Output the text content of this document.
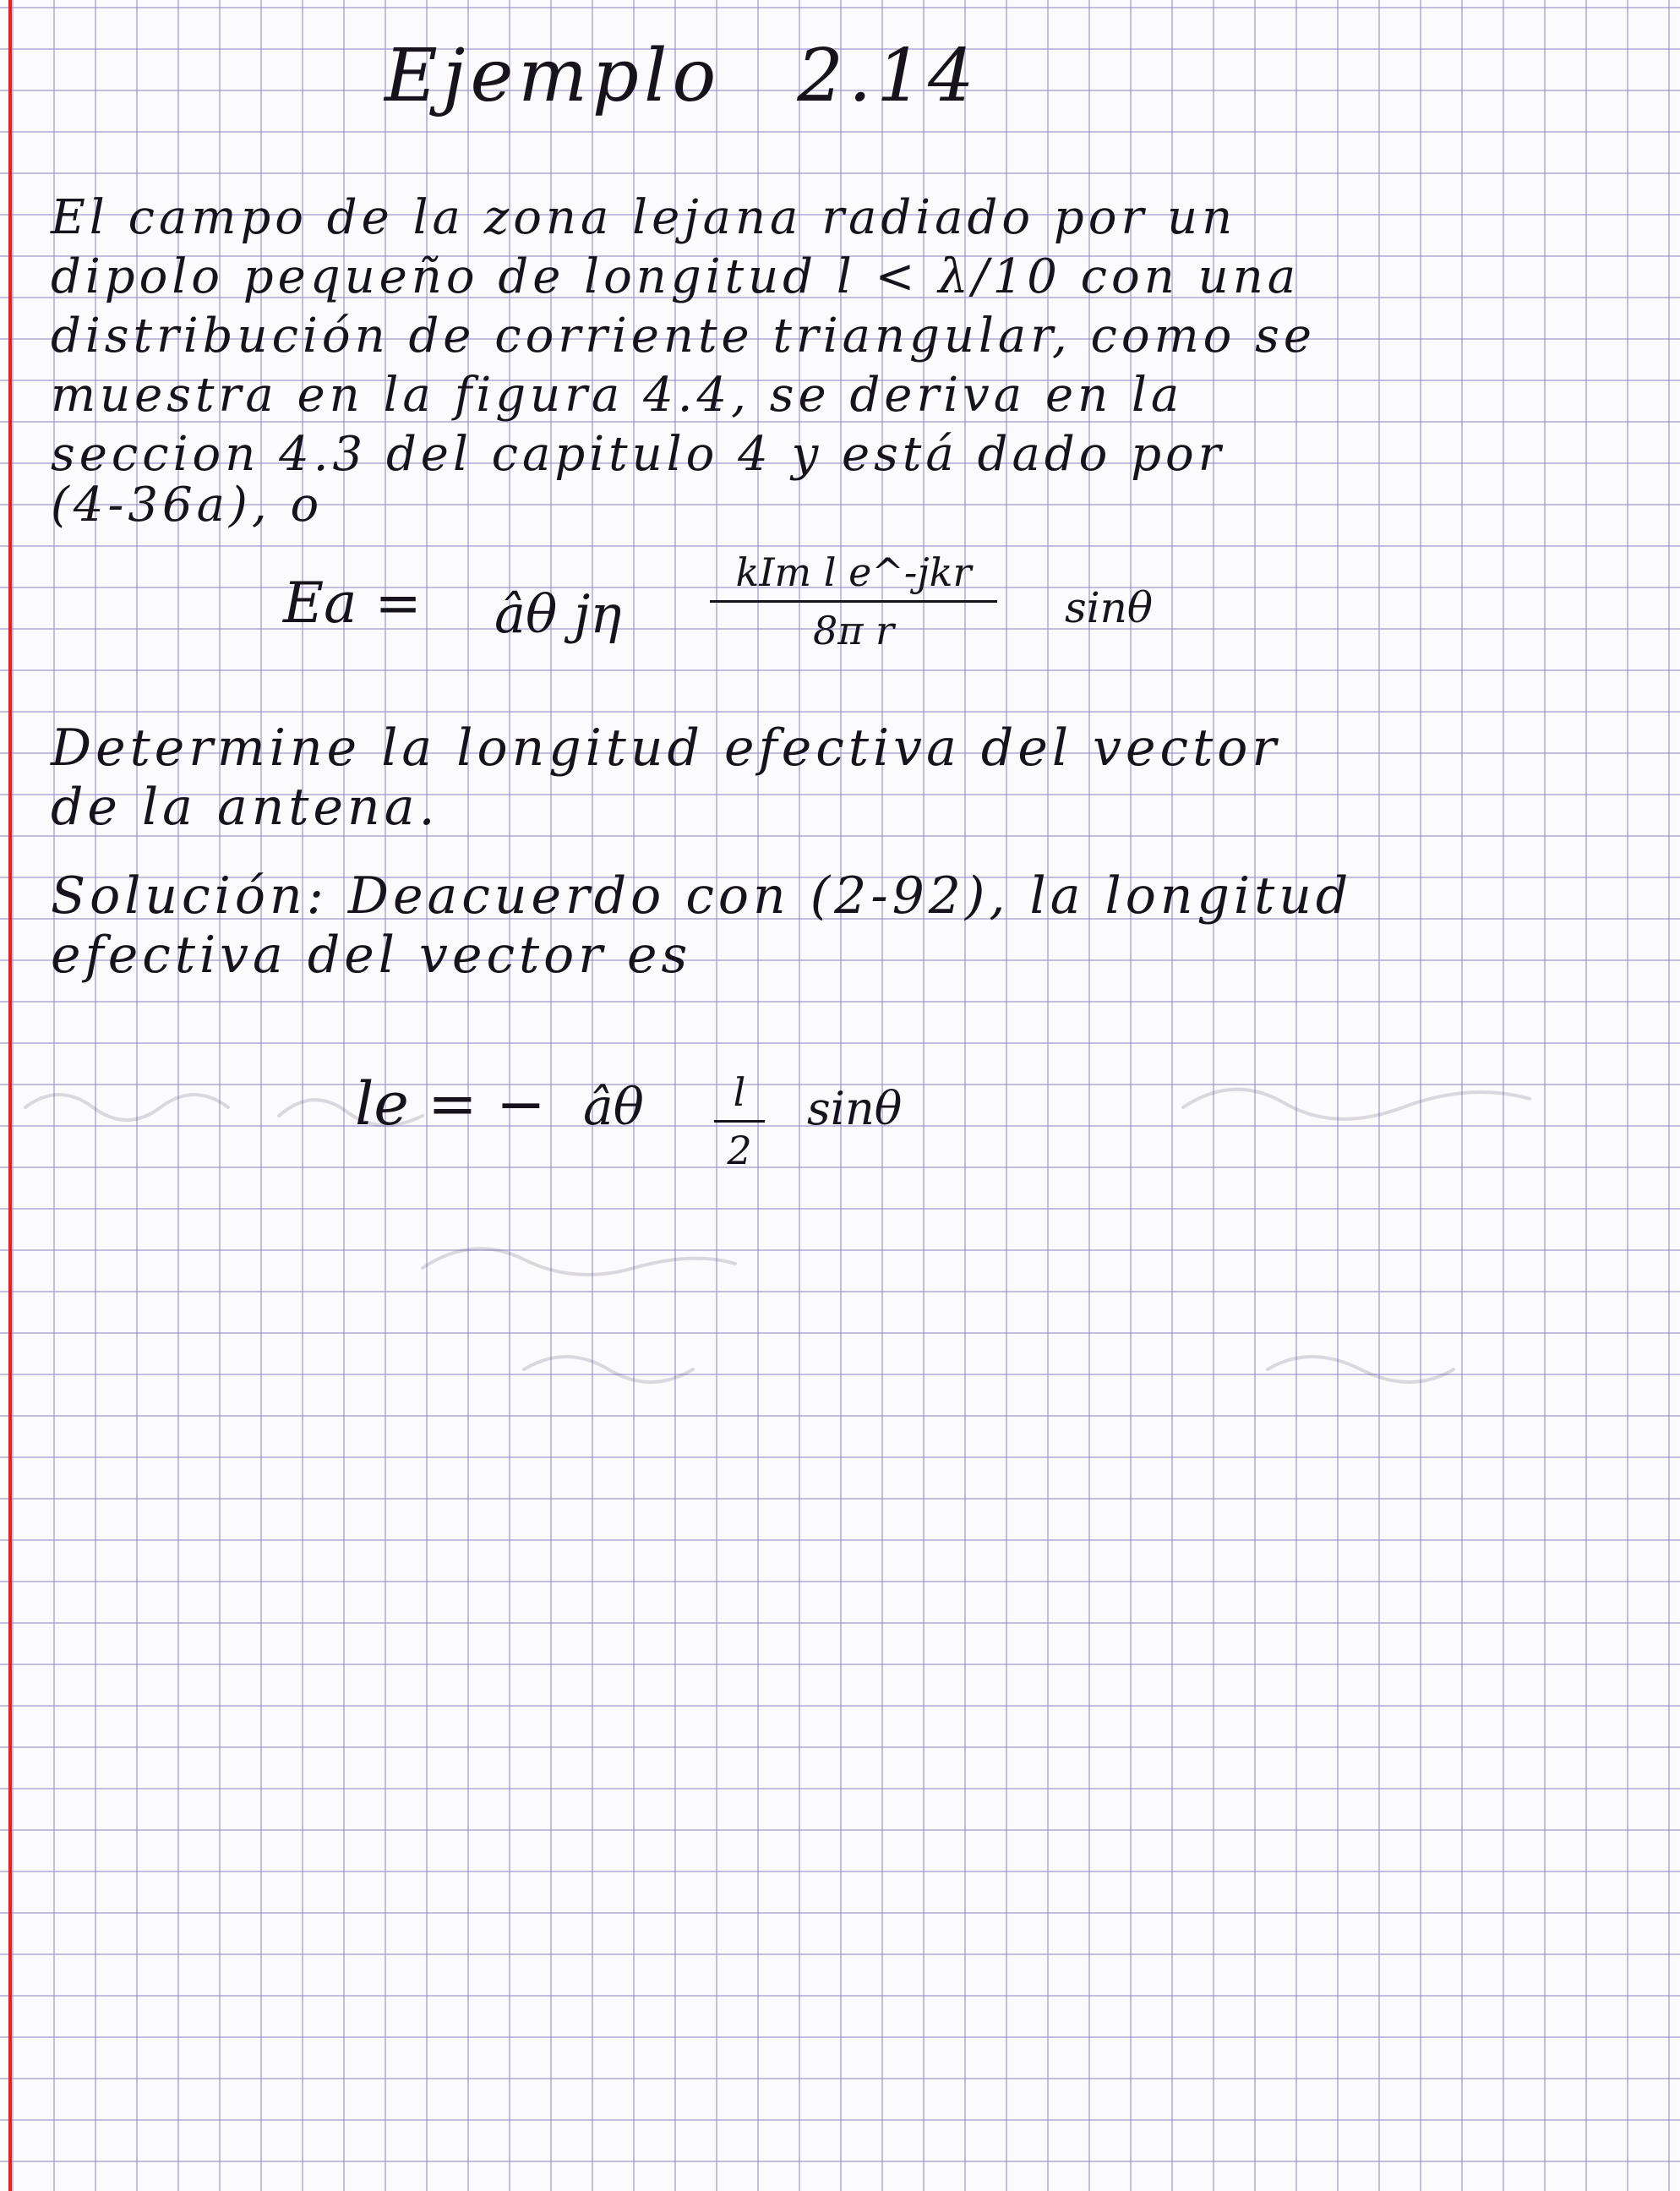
Ejemplo 2.14
El campo de la zona lejana radiado por un
dipolo pequeño de longitud l < λ/10 con una
distribución de corriente triangular, como se
muestra en la figura 4.4, se deriva en la
seccion 4.3 del capitulo 4 y está dado por
(4-36a), o
Ea = âθ jη
kIm l e^-jkr
8π r	sinθ
Determine la longitud efectiva del vector
de la antena.
Solución: Deacuerdo con (2-92), la longitud
efectiva del vector es
le = − âθ	l
2
sinθ
